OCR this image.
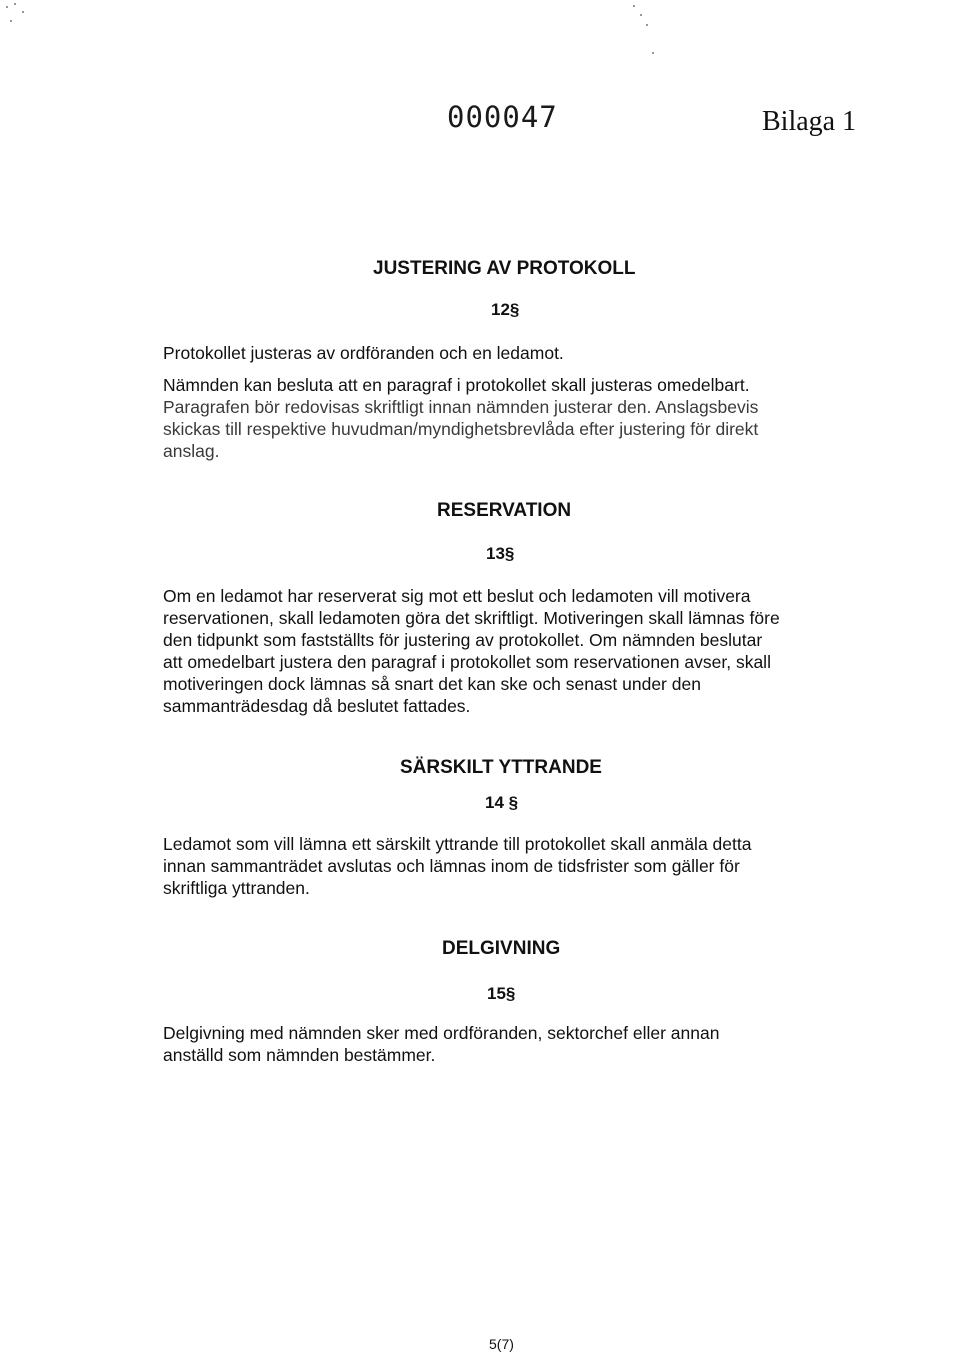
000047	Bilaga 1
JUSTERING AV PROTOKOLL
12§
Protokollet justeras av ordföranden och en ledamot.
Nämnden kan besluta att en paragraf i protokollet skall justeras omedelbart.
Paragrafen bör redovisas skriftligt innan nämnden justerar den. Anslagsbevis
skickas till respektive huvudman/myndighetsbrevlåda efter justering för direkt
anslag.
RESERVATION
13§
Om en ledamot har reserverat sig mot ett beslut och ledamoten vill motivera
reservationen, skall ledamoten göra det skriftligt. Motiveringen skall lämnas före
den tidpunkt som fastställts för justering av protokollet. Om nämnden beslutar
att omedelbart justera den paragraf i protokollet som reservationen avser, skall
motiveringen dock lämnas så snart det kan ske och senast under den
sammanträdesdag då beslutet fattades.
SÄRSKILT YTTRANDE
14 §
Ledamot som vill lämna ett särskilt yttrande till protokollet skall anmäla detta
innan sammanträdet avslutas och lämnas inom de tidsfrister som gäller för
skriftliga yttranden.
DELGIVNING
15§
Delgivning med nämnden sker med ordföranden, sektorchef eller annan
anställd som nämnden bestämmer.
5(7)
